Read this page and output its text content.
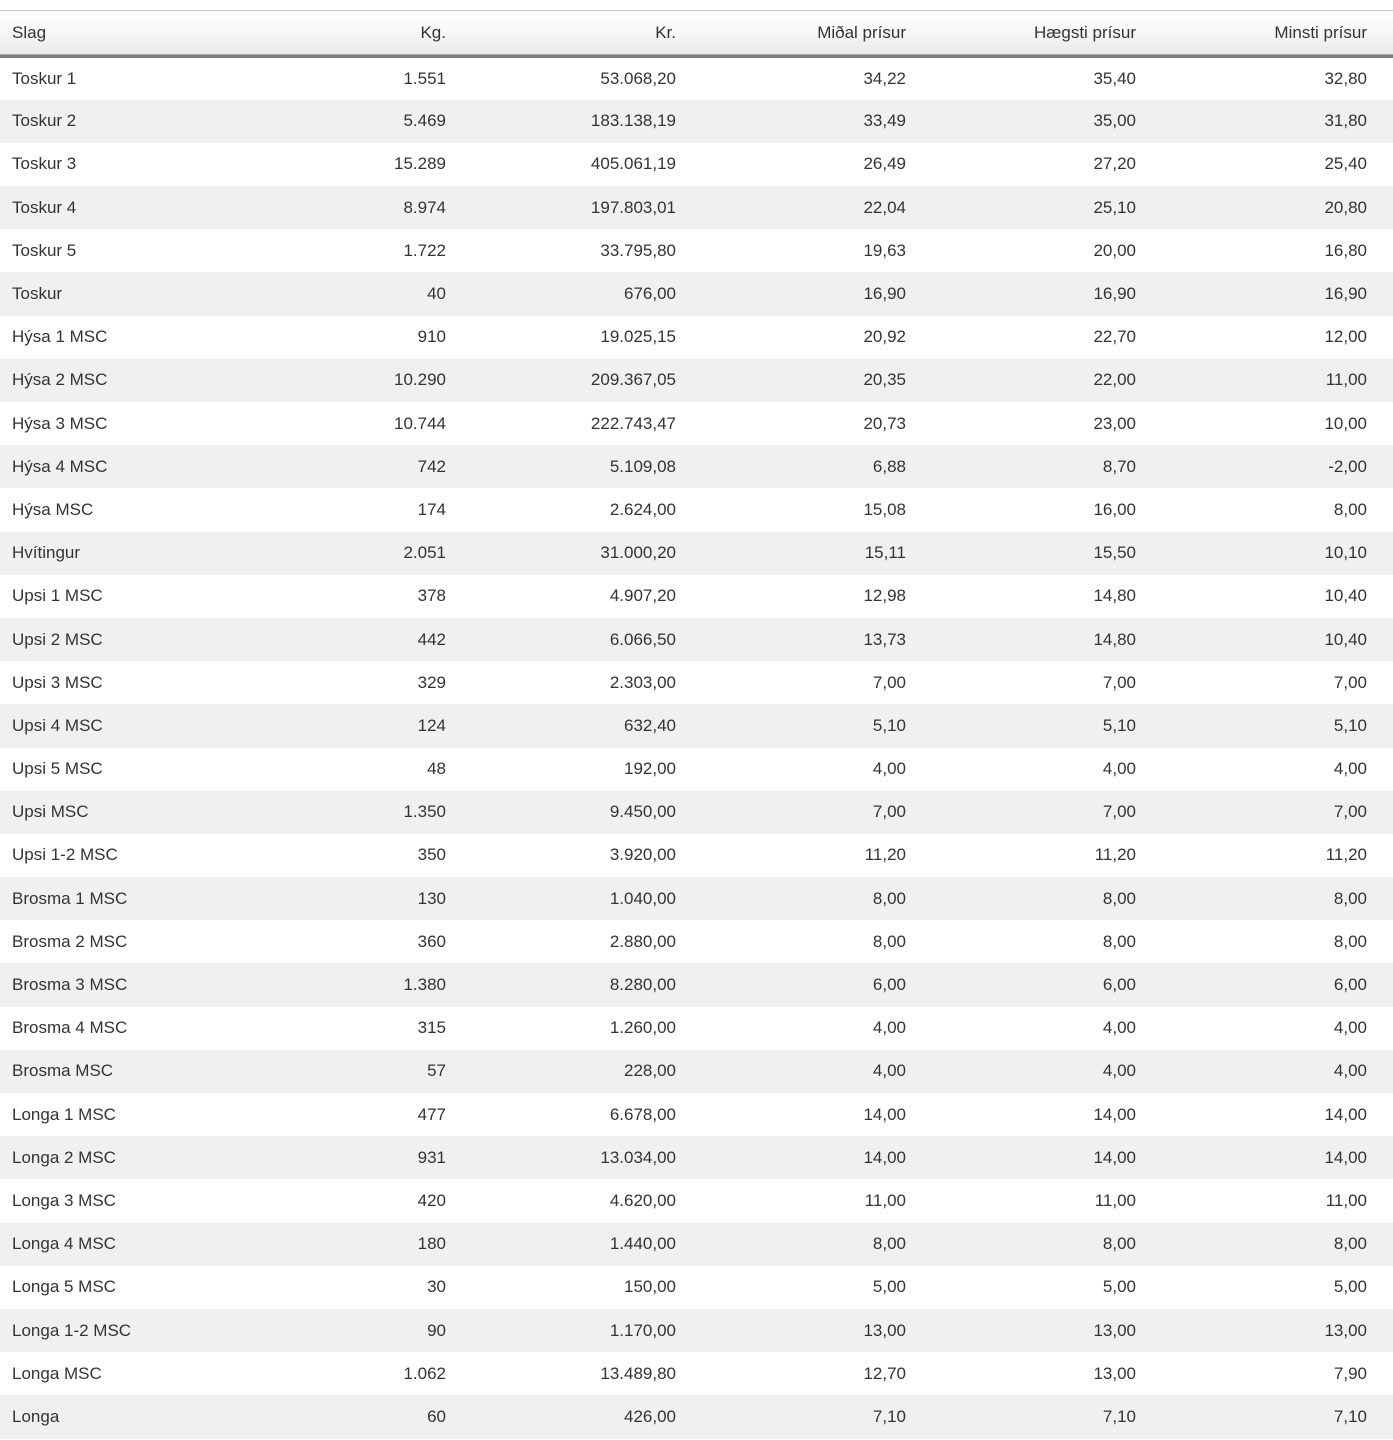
Slag	Kg.	Kr.	Miðal prísur	Hægsti prísur	Minsti prísur
Toskur 1	1.551	53.068,20	34,22	35,40	32,80
Toskur 2	5.469	183.138,19	33,49	35,00	31,80
Toskur 3	15.289	405.061,19	26,49	27,20	25,40
Toskur 4	8.974	197.803,01	22,04	25,10	20,80
Toskur 5	1.722	33.795,80	19,63	20,00	16,80
Toskur	40	676,00	16,90	16,90	16,90
Hýsa 1 MSC	910	19.025,15	20,92	22,70	12,00
Hýsa 2 MSC	10.290	209.367,05	20,35	22,00	11,00
Hýsa 3 MSC	10.744	222.743,47	20,73	23,00	10,00
Hýsa 4 MSC	742	5.109,08	6,88	8,70	-2,00
Hýsa MSC	174	2.624,00	15,08	16,00	8,00
Hvítingur	2.051	31.000,20	15,11	15,50	10,10
Upsi 1 MSC	378	4.907,20	12,98	14,80	10,40
Upsi 2 MSC	442	6.066,50	13,73	14,80	10,40
Upsi 3 MSC	329	2.303,00	7,00	7,00	7,00
Upsi 4 MSC	124	632,40	5,10	5,10	5,10
Upsi 5 MSC	48	192,00	4,00	4,00	4,00
Upsi MSC	1.350	9.450,00	7,00	7,00	7,00
Upsi 1-2 MSC	350	3.920,00	11,20	11,20	11,20
Brosma 1 MSC	130	1.040,00	8,00	8,00	8,00
Brosma 2 MSC	360	2.880,00	8,00	8,00	8,00
Brosma 3 MSC	1.380	8.280,00	6,00	6,00	6,00
Brosma 4 MSC	315	1.260,00	4,00	4,00	4,00
Brosma MSC	57	228,00	4,00	4,00	4,00
Longa 1 MSC	477	6.678,00	14,00	14,00	14,00
Longa 2 MSC	931	13.034,00	14,00	14,00	14,00
Longa 3 MSC	420	4.620,00	11,00	11,00	11,00
Longa 4 MSC	180	1.440,00	8,00	8,00	8,00
Longa 5 MSC	30	150,00	5,00	5,00	5,00
Longa 1-2 MSC	90	1.170,00	13,00	13,00	13,00
Longa MSC	1.062	13.489,80	12,70	13,00	7,90
Longa	60	426,00	7,10	7,10	7,10
